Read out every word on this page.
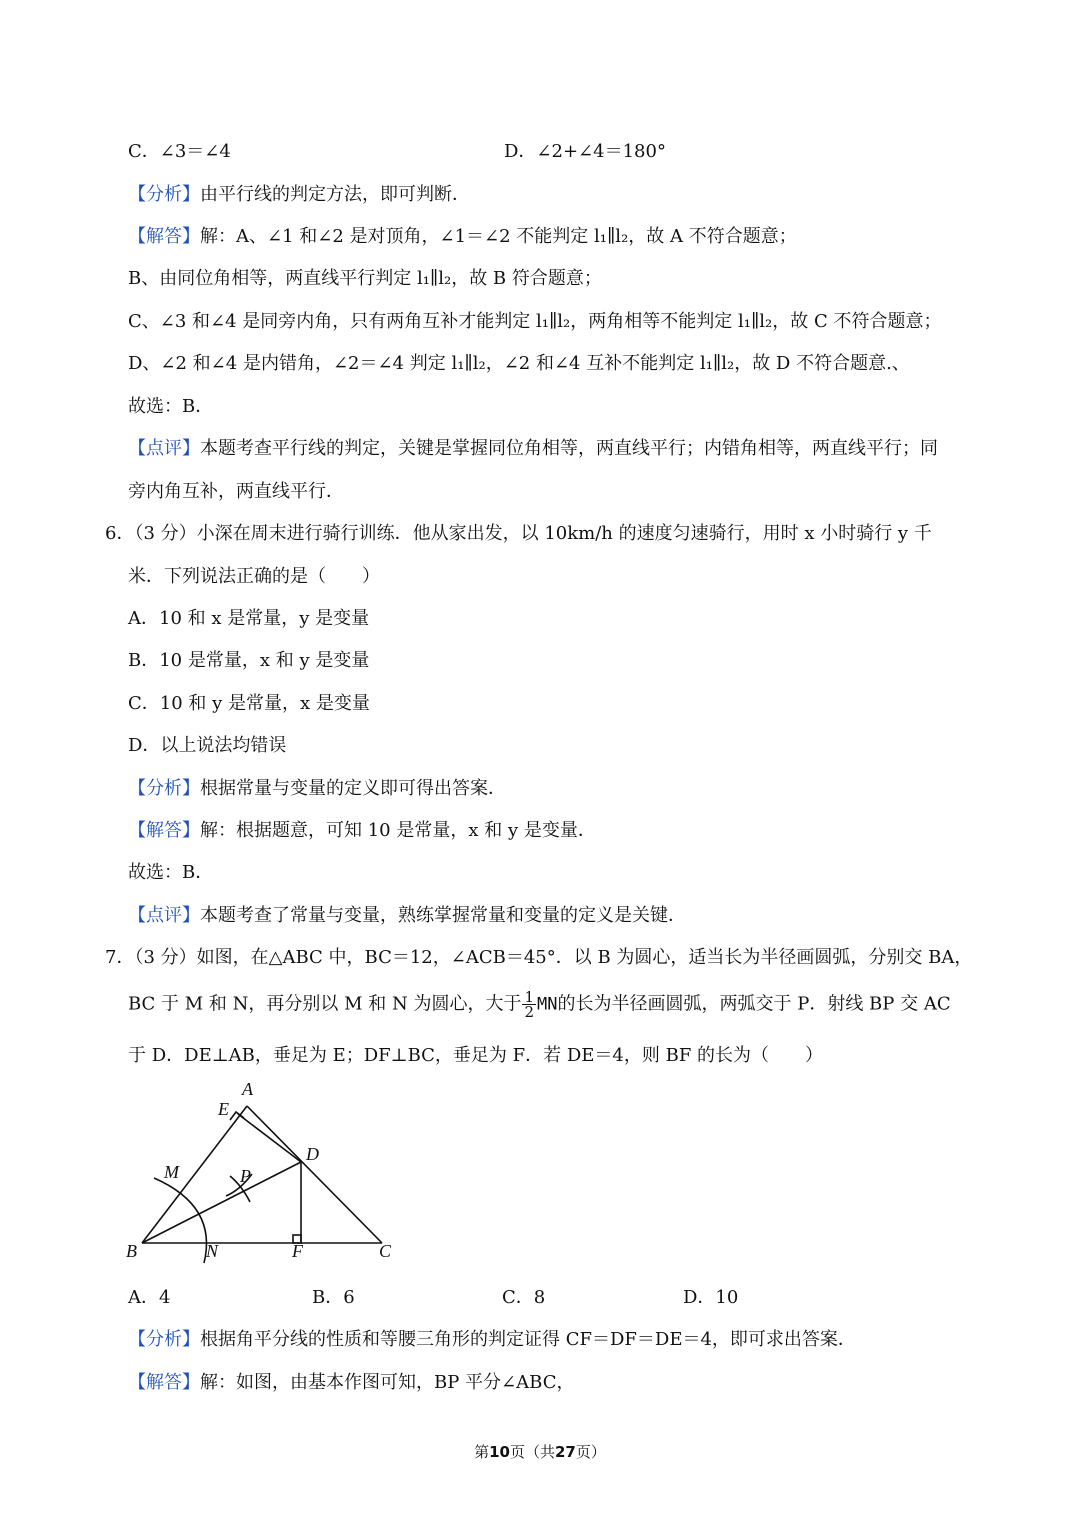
C．∠3＝∠4	D．∠2+∠4＝180°
【分析】由平行线的判定方法，即可判断．
【解答】解：A、∠1 和∠2 是对顶角，∠1＝∠2 不能判定 l₁∥l₂，故 A 不符合题意；
B、由同位角相等，两直线平行判定 l₁∥l₂，故 B 符合题意；
C、∠3 和∠4 是同旁内角，只有两角互补才能判定 l₁∥l₂，两角相等不能判定 l₁∥l₂，故 C 不符合题意；
D、∠2 和∠4 是内错角，∠2＝∠4 判定 l₁∥l₂，∠2 和∠4 互补不能判定 l₁∥l₂，故 D 不符合题意.、
故选：B．
【点评】本题考查平行线的判定，关键是掌握同位角相等，两直线平行；内错角相等，两直线平行；同
旁内角互补，两直线平行．
6．（3 分）小深在周末进行骑行训练．他从家出发，以 10km/h 的速度匀速骑行，用时 x 小时骑行 y 千
米．下列说法正确的是（　　）
A．10 和 x 是常量，y 是变量
B．10 是常量，x 和 y 是变量
C．10 和 y 是常量，x 是变量
D．以上说法均错误
【分析】根据常量与变量的定义即可得出答案．
【解答】解：根据题意，可知 10 是常量，x 和 y 是变量．
故选：B．
【点评】本题考查了常量与变量，熟练掌握常量和变量的定义是关键．
7．（3 分）如图，在△ABC 中，BC＝12，∠ACB＝45°．以 B 为圆心，适当长为半径画圆弧，分别交 BA，
BC 于 M 和 N，再分别以 M 和 N 为圆心，大于 $\frac{1}{2}$ MN的长为半径画圆弧，两弧交于 P．射线 BP 交 AC
于 D．DE⊥AB，垂足为 E；DF⊥BC，垂足为 F．若 DE＝4，则 BF 的长为（　　）
A
E
D
M	P
B	N	F	C
A．4	B．6	C．8	D．10
【分析】根据角平分线的性质和等腰三角形的判定证得 CF＝DF＝DE＝4，即可求出答案．
【解答】解：如图，由基本作图可知，BP 平分∠ABC，
第10页（共27页）
